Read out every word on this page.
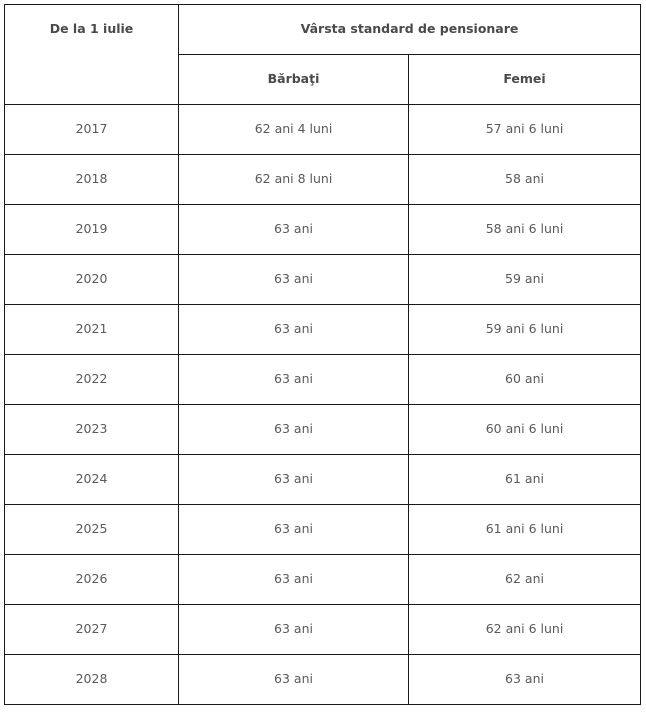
De la 1 iulie	Vârsta standard de pensionare	
	Bărbaţi	Femei
2017	62 ani 4 luni	57 ani 6 luni
2018	62 ani 8 luni	58 ani
2019	63 ani	58 ani 6 luni
2020	63 ani	59 ani
2021	63 ani	59 ani 6 luni
2022	63 ani	60 ani
2023	63 ani	60 ani 6 luni
2024	63 ani	61 ani
2025	63 ani	61 ani 6 luni
2026	63 ani	62 ani
2027	63 ani	62 ani 6 luni
2028	63 ani	63 ani
